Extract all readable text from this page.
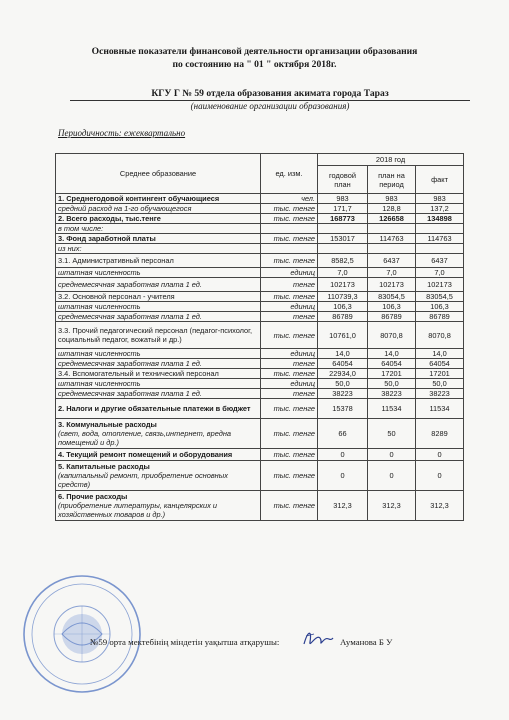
Основные показатели финансовой деятельности организации образования
по состоянию на " 01 " октября 2018г.
КГУ Г № 59 отдела образования акимата города Тараз
(наименование организации образования)
Периодичность: ежеквартально
Среднее образование	ед. изм.	2018 год		
		годовой план	план на период	факт
1. Среднегодовой контингент обучающиеся	чел.	983	983	983
средний расход на 1-го обучающегося	тыс. тенге	171,7	128,8	137,2
2. Всего расходы, тыс.тенге	тыс. тенге	168773	126658	134898
в том числе:				
3. Фонд заработной платы	тыс. тенге	153017	114763	114763
из них:				
3.1. Административный персонал	тыс. тенге	8582,5	6437	6437
штатная численность	единиц	7,0	7,0	7,0
среднемесячная заработная плата 1 ед.	тенге	102173	102173	102173
3.2. Основной персонал - учителя	тыс. тенге	110739,3	83054,5	83054,5
штатная численность	единиц	106,3	106,3	106,3
среднемесячная заработная плата 1 ед.	тенге	86789	86789	86789
3.3. Прочий педагогический персонал (педагог-психолог, социальный педагог, вожатый и др.)	тыс. тенге	10761,0	8070,8	8070,8
штатная численность	единиц	14,0	14,0	14,0
среднемесячная заработная плата 1 ед.	тенге	64054	64054	64054
3.4. Вспомогательный и технический персонал	тыс. тенге	22934,0	17201	17201
штатная численность	единиц	50,0	50,0	50,0
среднемесячная заработная плата 1 ед.	тенге	38223	38223	38223
2. Налоги и другие обязательные платежи в бюджет	тыс. тенге	15378	11534	11534
3. Коммунальные расходы
(свет, вода, отопление, связь,интернет, вредна помещений и др.)	тыс. тенге	66	50	8289
4. Текущий ремонт помещений и оборудования	тыс. тенге	0	0	0
5. Капитальные расходы
(капитальный ремонт, приобретение основных средств)	тыс. тенге	0	0	0
6. Прочие расходы
(приобретение литературы, канцелярских и хозяйственных товаров и др.)	тыс. тенге	312,3	312,3	312,3
№59 орта мектебінің міндетін уақытша атқарушы:	Ауманова Б У
